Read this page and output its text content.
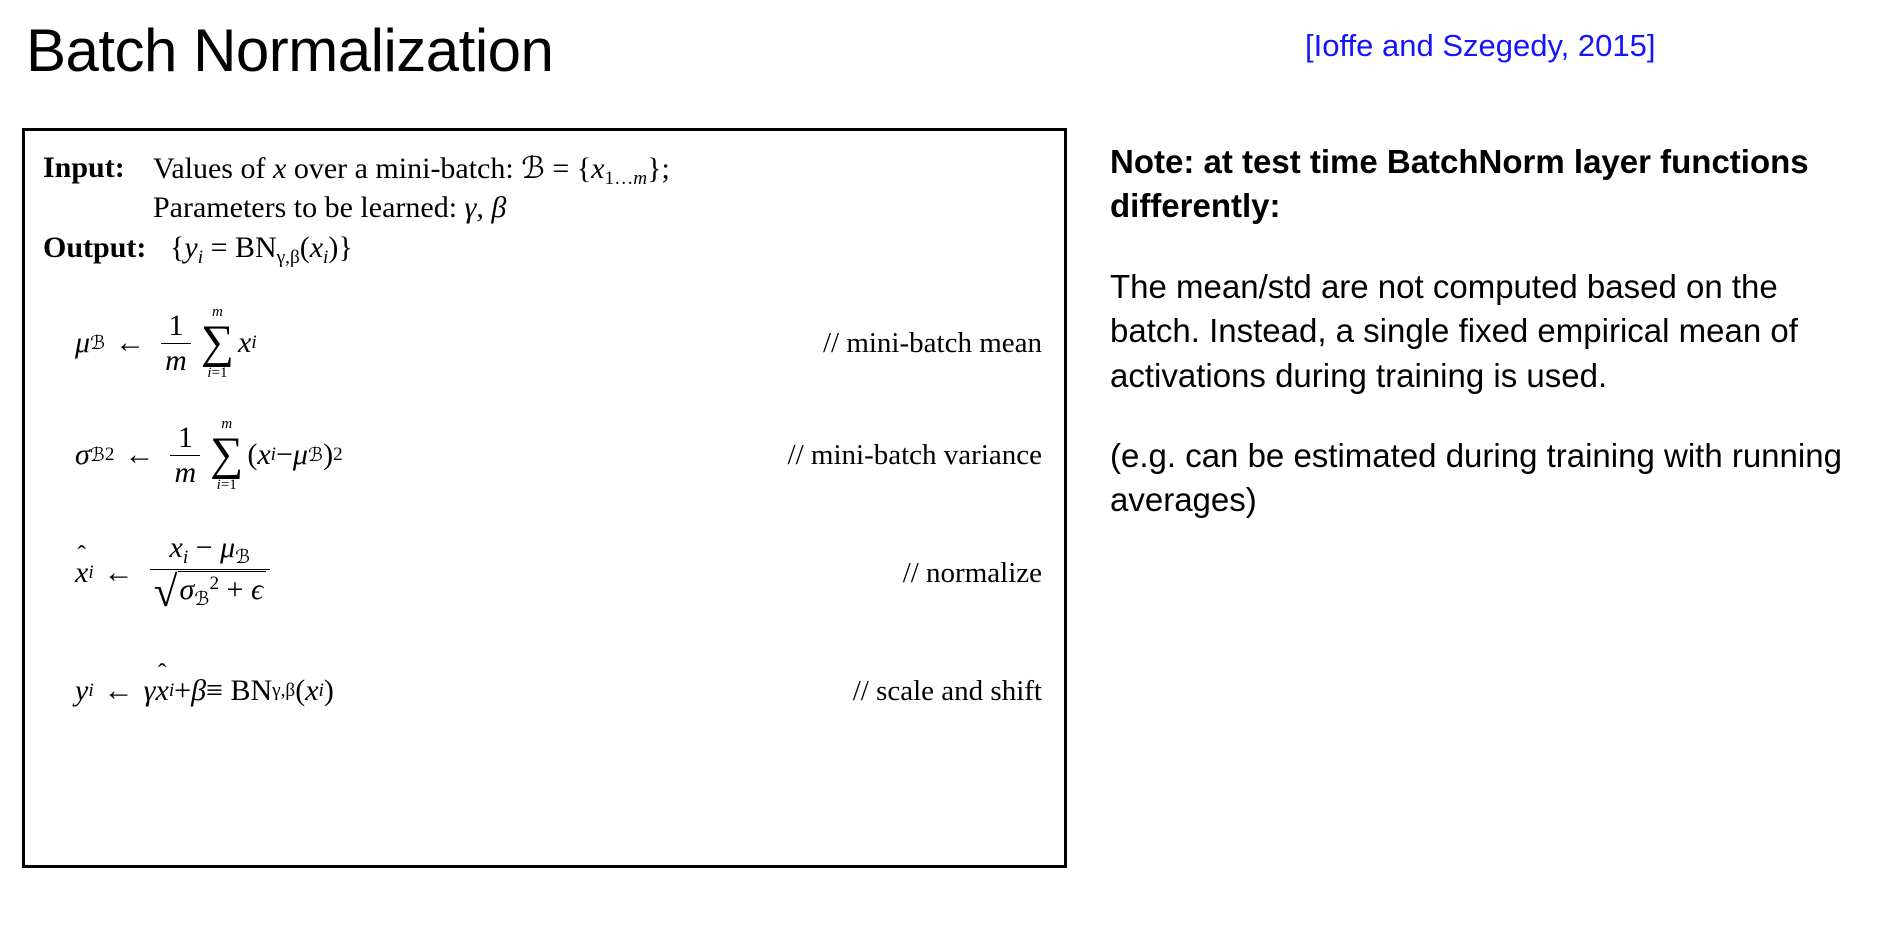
Batch Normalization	[Ioffe and Szegedy, 2015]
Input: Values of x over a mini-batch: ℬ = $\{x_{1\dots m}\}$;
Parameters to be learned: γ, β
Output: $\{y_i = BN_{\gamma,\beta}(x_i)\}$
μ ℬ ← $\frac{1}{m}$ m
∑
i=1
x i	// mini-batch mean
σ ℬ 2 ← $\frac{1}{m}$ m
∑
i=1
( x i − μ ℬ ) 2	// mini-batch variance
x i ← $\frac{x_i - \mu_ℬ}{√ \sigma_ℬ^2 + \epsilon}$	// normalize
y i ← γ x i + β ≡ BN γ,β ( x i )	// scale and shift

Note: at test time BatchNorm layer functions differently:

The mean/std are not computed based on the batch. Instead, a single fixed empirical mean of activations during training is used.

(e.g. can be estimated during training with running averages)
